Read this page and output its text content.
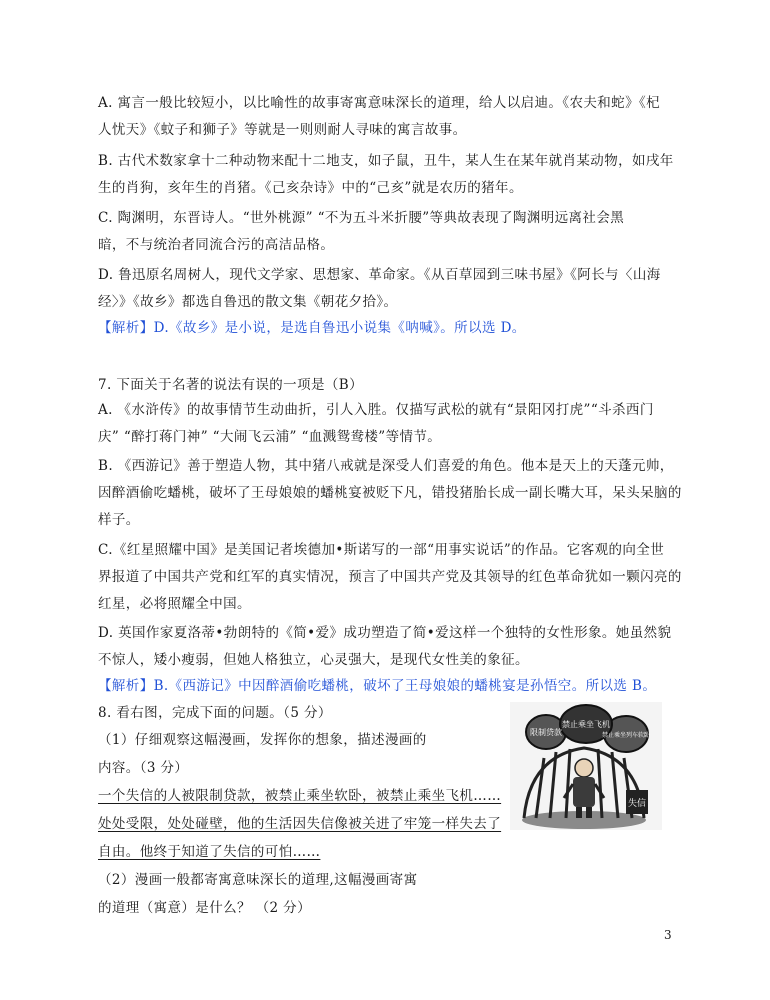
A. 寓言一般比较短小，以比喻性的故事寄寓意味深长的道理，给人以启迪。《农夫和蛇》《杞
人忧天》《蚊子和狮子》等就是一则则耐人寻味的寓言故事。
B. 古代术数家拿十二种动物来配十二地支，如子鼠，丑牛，某人生在某年就肖某动物，如戌年
生的肖狗，亥年生的肖猪。《己亥杂诗》中的“己亥”就是农历的猪年。
C. 陶渊明，东晋诗人。“世外桃源” “不为五斗米折腰”等典故表现了陶渊明远离社会黑
暗，不与统治者同流合污的高洁品格。
D. 鲁迅原名周树人，现代文学家、思想家、革命家。《从百草园到三味书屋》《阿长与〈山海
经〉》《故乡》都选自鲁迅的散文集《朝花夕拾》。
【解析】D.《故乡》是小说，是选自鲁迅小说集《呐喊》。所以选 D。
7. 下面关于名著的说法有误的一项是（B）
A. 《水浒传》的故事情节生动曲折，引人入胜。仅描写武松的就有“景阳冈打虎”“斗杀西门
庆” “醉打蒋门神” “大闹飞云浦” “血溅鸳鸯楼”等情节。
B. 《西游记》善于塑造人物，其中猪八戒就是深受人们喜爱的角色。他本是天上的天蓬元帅，
因醉酒偷吃蟠桃，破坏了王母娘娘的蟠桃宴被贬下凡，错投猪胎长成一副长嘴大耳，呆头呆脑的
样子。
C.《红星照耀中国》是美国记者埃德加•斯诺写的一部“用事实说话”的作品。它客观的向全世
界报道了中国共产党和红军的真实情况，预言了中国共产党及其领导的红色革命犹如一颗闪亮的
红星，必将照耀全中国。
D. 英国作家夏洛蒂•勃朗特的《简•爱》成功塑造了简•爱这样一个独特的女性形象。她虽然貌
不惊人，矮小瘦弱，但她人格独立，心灵强大，是现代女性美的象征。
【解析】B.《西游记》中因醉酒偷吃蟠桃，破坏了王母娘娘的蟠桃宴是孙悟空。所以选 B。
8. 看右图，完成下面的问题。（5 分）
（1）仔细观察这幅漫画，发挥你的想象，描述漫画的
内容。（3 分）
一个失信的人被限制贷款，被禁止乘坐软卧，被禁止乘坐飞机……
处处受限，处处碰壁，他的生活因失信像被关进了牢笼一样失去了
自由。他终于知道了失信的可怕……
（2）漫画一般都寄寓意味深长的道理,这幅漫画寄寓
的道理（寓意）是什么？ （2 分）
限制贷款
禁止乘坐飞机
禁止乘坐列车软卧
失信
3
